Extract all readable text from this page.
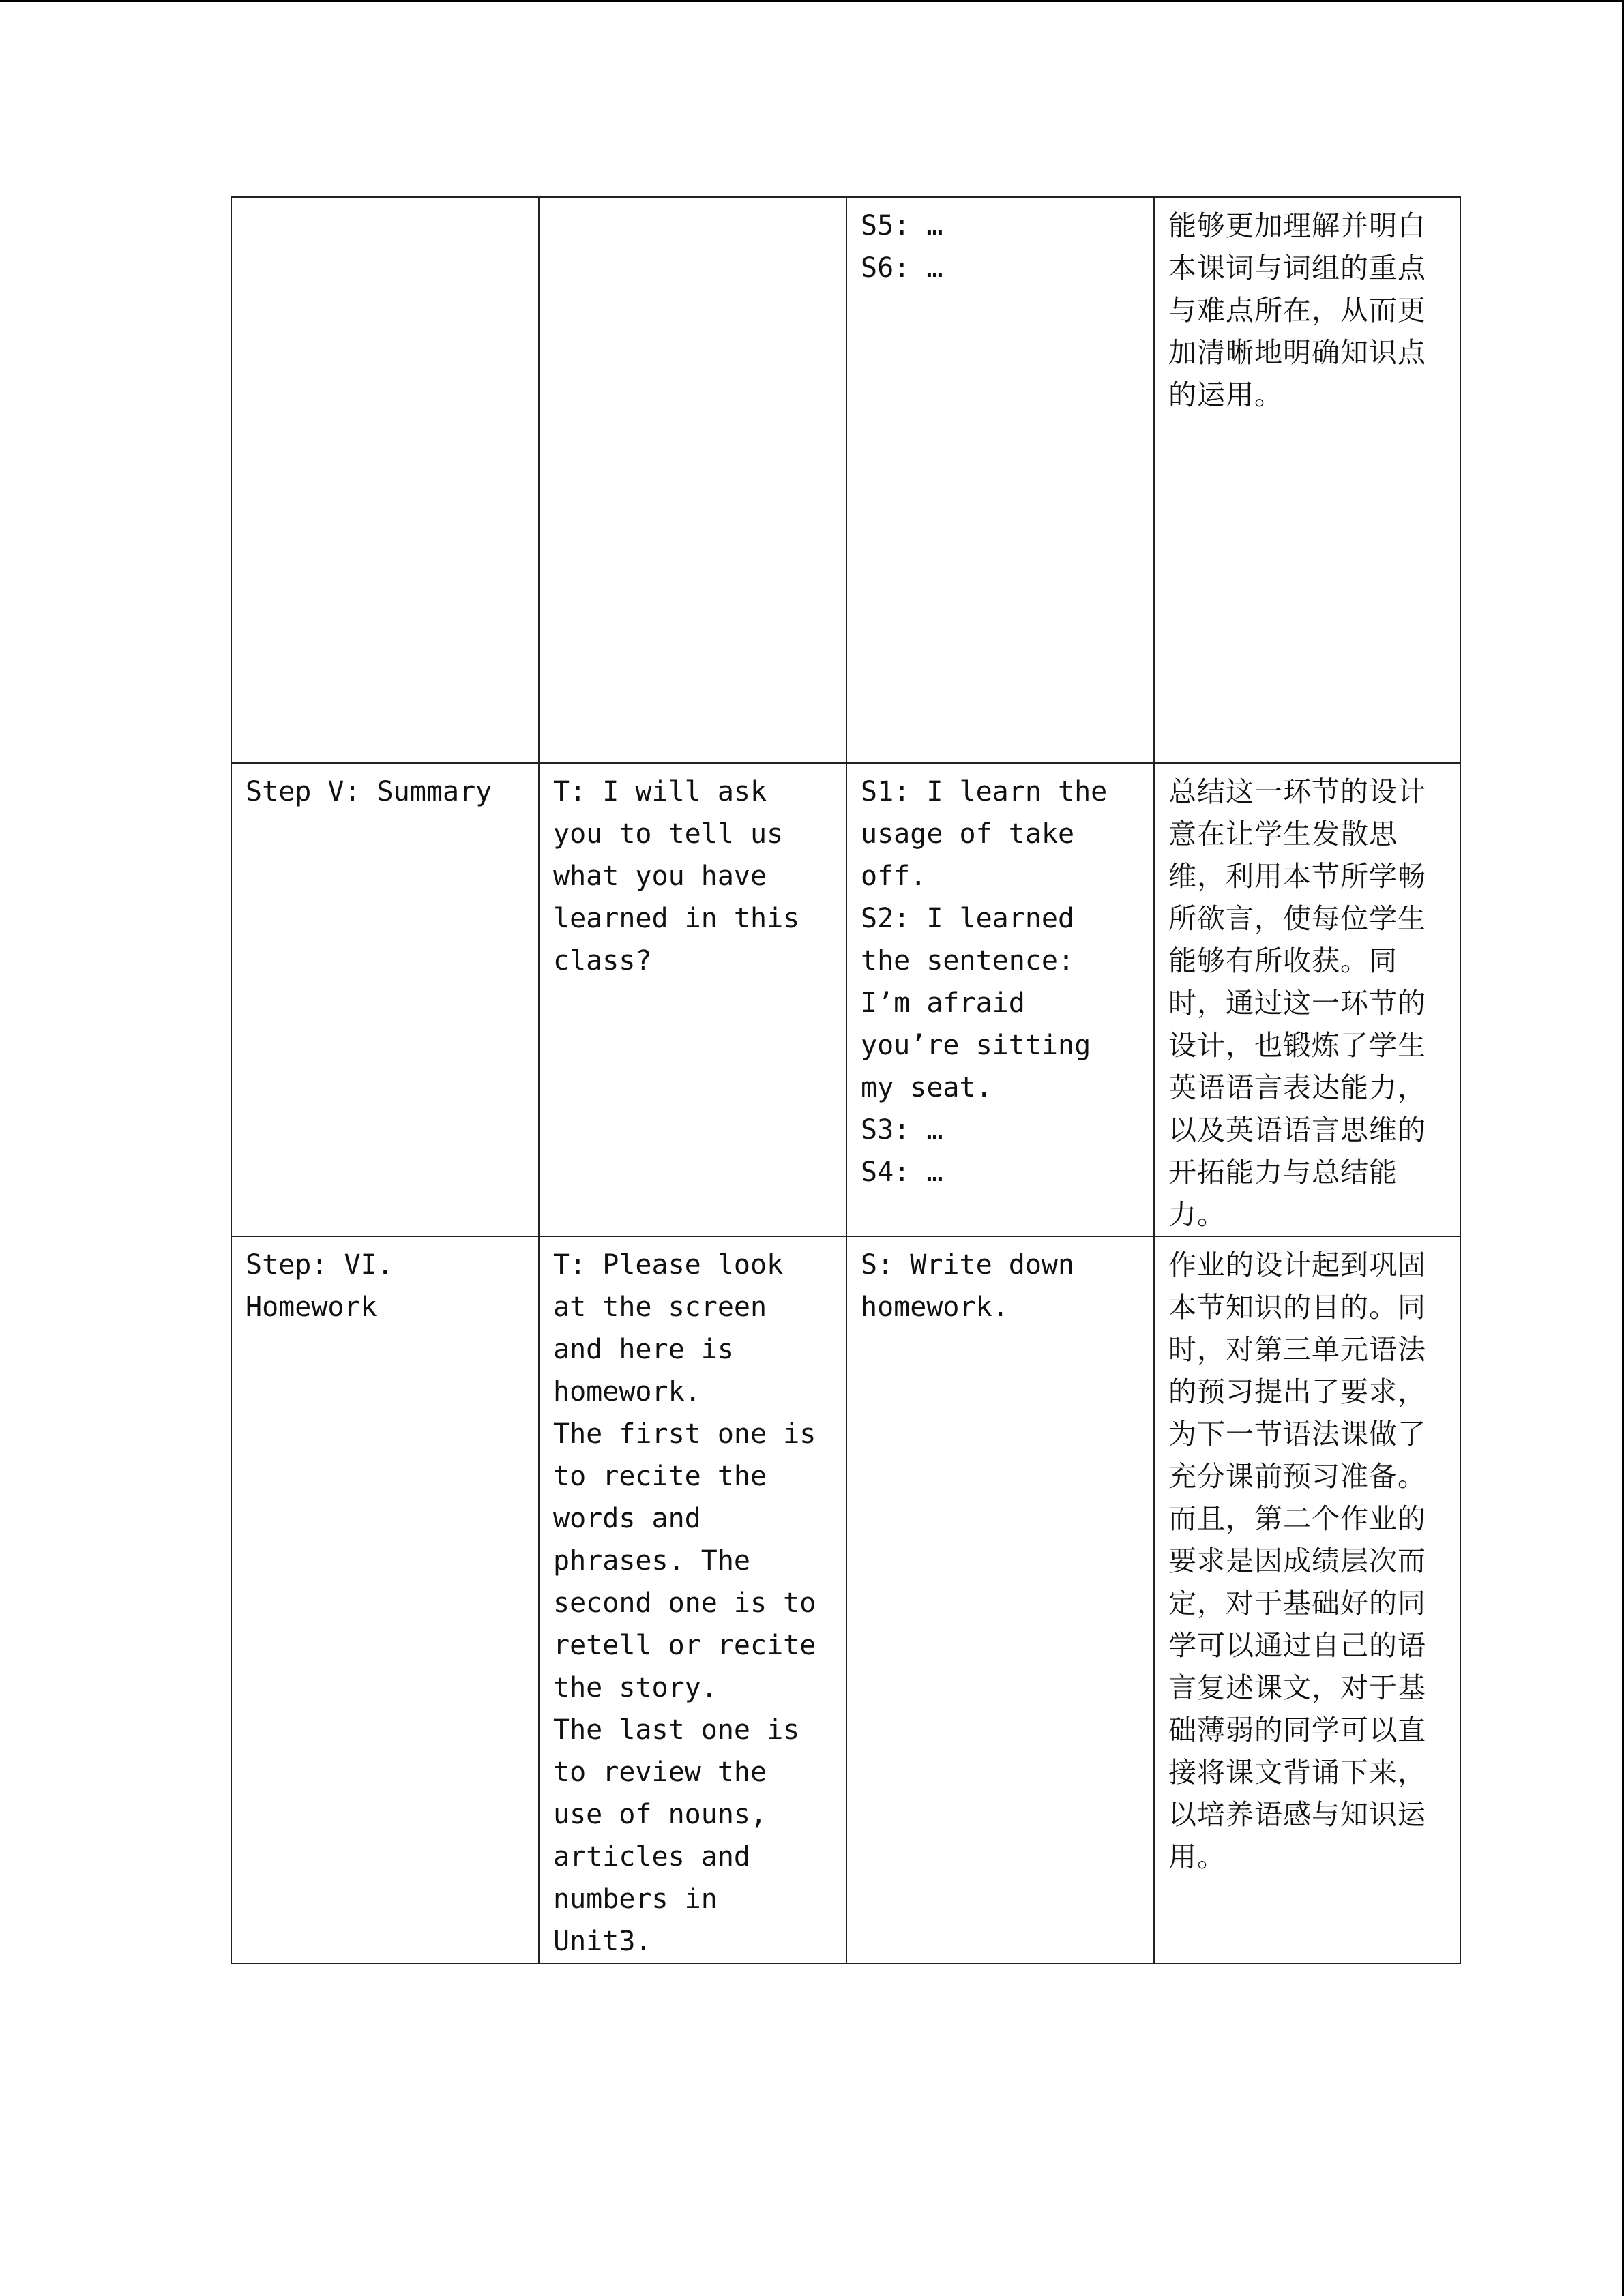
		S5: …
S6: …	能够更加理解并明白本课词与词组的重点与难点所在，从而更加清晰地明确知识点的运用。
Step V: Summary	T: I will ask you to tell us what you have learned in this class?	S1: I learn the usage of take off.
S2: I learned the sentence: I’m afraid you’re sitting my seat.
S3: …
S4: …	总结这一环节的设计意在让学生发散思维，利用本节所学畅所欲言，使每位学生能够有所收获。同时，通过这一环节的设计，也锻炼了学生英语语言表达能力，以及英语语言思维的开拓能力与总结能力。
Step: VI. Homework	T: Please look at the screen and here is homework.
The first one is to recite the words and phrases. The second one is to retell or recite the story.
The last one is to review the use of nouns, articles and numbers in Unit3.	S: Write down homework.	作业的设计起到巩固本节知识的目的。同时，对第三单元语法的预习提出了要求，为下一节语法课做了充分课前预习准备。而且，第二个作业的要求是因成绩层次而定，对于基础好的同学可以通过自己的语言复述课文，对于基础薄弱的同学可以直接将课文背诵下来，以培养语感与知识运用。
